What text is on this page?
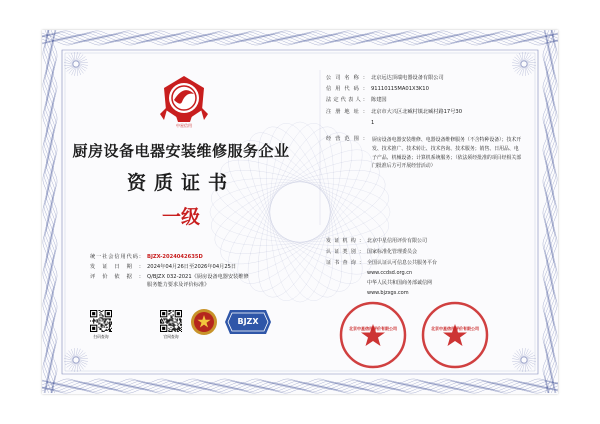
中星信用
厨房设备电器安装维修服务企业
资质证书
一级
统一社会信用代码： BJZX-2024042635D
发证日期： 2024年04月26日至2026年04月25日
评价依据： Q/BJZX 032-2021《厨房设备电器安装维修
服务能力要求及评价标准》
扫码查询	官网查询
BJZX
公司名称： 北京远达顶端电器设备有限公司
信用代码： 91110115MA01X3K10
法定代表人： 陈建国
注册地址： 北京市大兴区北臧村镇北臧村路17号30
1
经营范围： 厨房设备电器安装维修、电器设备维修服务（不含特种设备）；技术开发、技术推广、技术转让、技术咨询、技术服务；销售、日用品、电子产品、机械设备；计算机系统服务；（依法须经批准的项目经相关部门批准后方可开展经营活动）
发证机构： 北京中星信用评价有限公司
认证类别： 国家标准化管理委员会
证书查询： 全国认证认可信息公共服务平台
www.ccdsd.org.cn
中华人民共和国商务部诚信网
www.bjzxgs.com
北京中星信用评价有限公司	北京中星信用评价有限公司
